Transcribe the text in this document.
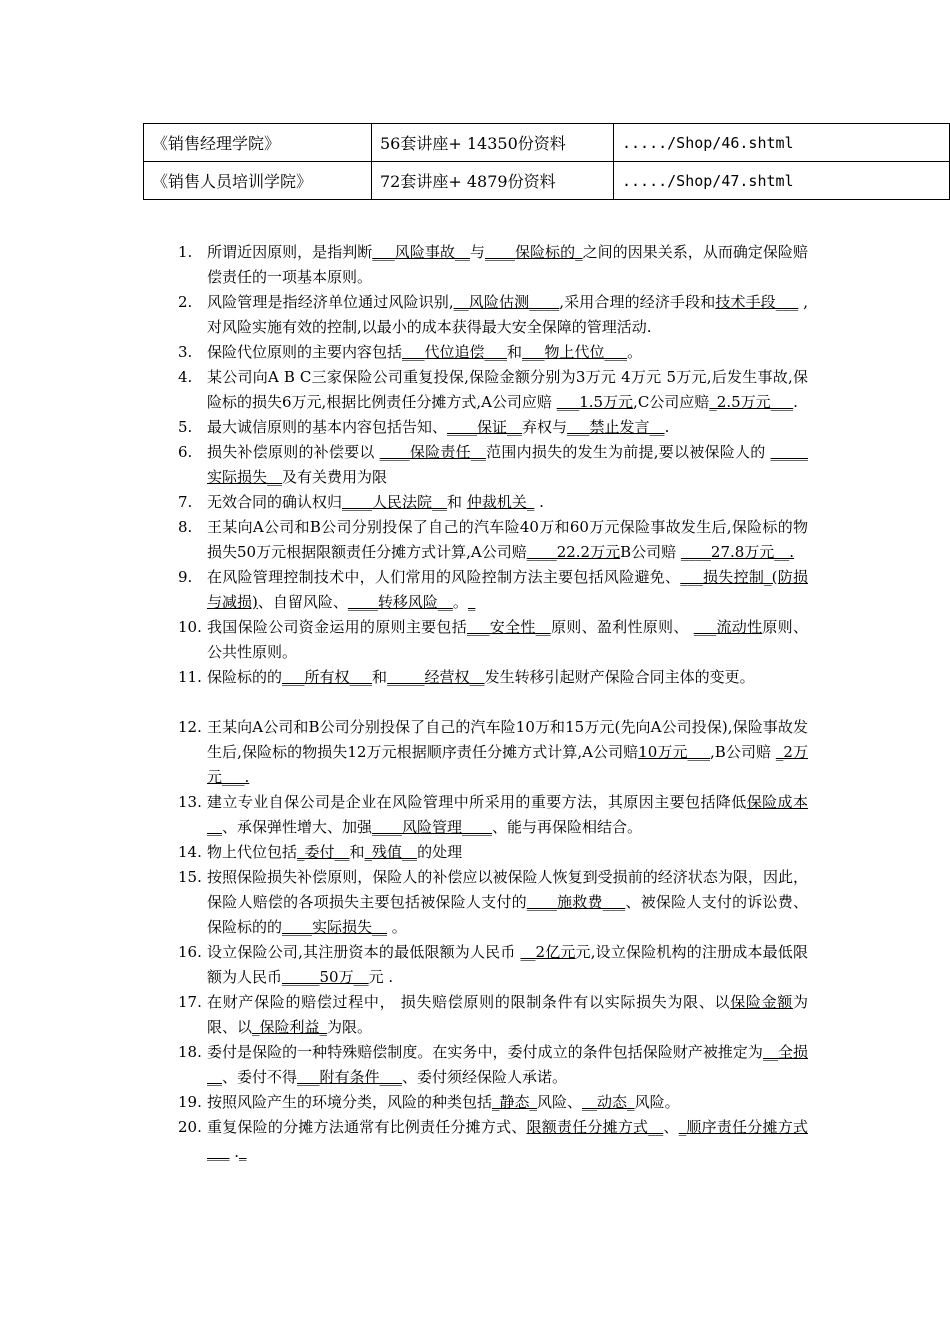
《销售经理学院》	56套讲座+ 14350份资料	...../Shop/46.shtml
《销售人员培训学院》	72套讲座+ 4879份资料	...../Shop/47.shtml
1. 所谓近因原则，是指判断___风险事故__与____保险标的_之间的因果关系，从而确定保险赔偿责任的一项基本原则。
2. 风险管理是指经济单位通过风险识别,__风险估测____,采用合理的经济手段和技术手段___ ,对风险实施有效的控制,以最小的成本获得最大安全保障的管理活动.
3. 保险代位原则的主要内容包括___代位追偿___和___物上代位___。
4. 某公司向A B C三家保险公司重复投保,保险金额分别为3万元 4万元 5万元,后发生事故,保险标的损失6万元,根据比例责任分摊方式,A公司应赔 ___1.5万元,C公司应赔_2.5万元___.
5. 最大诚信原则的基本内容包括告知、____保证__弃权与___禁止发言__.
6. 损失补偿原则的补偿要以 ____保险责任__范围内损失的发生为前提,要以被保险人的 _____实际损失__及有关费用为限
7. 无效合同的确认权归____人民法院__和 仲裁机关_ .
8. 王某向A公司和B公司分别投保了自己的汽车险40万和60万元保险事故发生后,保险标的物损失50万元根据限额责任分摊方式计算,A公司赔____22.2万元B公司赔 ____27.8万元__.
9. 在风险管理控制技术中，人们常用的风险控制方法主要包括风险避免、___损失控制_(防损与减损)、自留风险、____转移风险__。_
10. 我国保险公司资金运用的原则主要包括___安全性__原则、盈利性原则、 ___流动性原则、公共性原则。
11. 保险标的的___所有权___和_____经营权__发生转移引起财产保险合同主体的变更。
12. 王某向A公司和B公司分别投保了自己的汽车险10万和15万元(先向A公司投保),保险事故发生后,保险标的物损失12万元根据顺序责任分摊方式计算,A公司赔10万元___,B公司赔 _2万元___.
13. 建立专业自保公司是企业在风险管理中所采用的重要方法，其原因主要包括降低保险成本__、承保弹性增大、加强____风险管理____、能与再保险相结合。
14. 物上代位包括_委付__和_残值__的处理
15. 按照保险损失补偿原则，保险人的补偿应以被保险人恢复到受损前的经济状态为限，因此，保险人赔偿的各项损失主要包括被保险人支付的____施救费___、被保险人支付的诉讼费、保险标的的____实际损失__ 。
16. 设立保险公司,其注册资本的最低限额为人民币 __2亿元元,设立保险机构的注册成本最低限额为人民币_____50万__元 .
17. 在财产保险的赔偿过程中， 损失赔偿原则的限制条件有以实际损失为限、以保险金额为限、以_保险利益_为限。
18. 委付是保险的一种特殊赔偿制度。在实务中，委付成立的条件包括保险财产被推定为__全损__、委付不得___附有条件___、委付须经保险人承诺。
19. 按照风险产生的环境分类，风险的种类包括_静态_风险、__动态_风险。
20. 重复保险的分摊方法通常有比例责任分摊方式、限额责任分摊方式__、_顺序责任分摊方式___ ._
